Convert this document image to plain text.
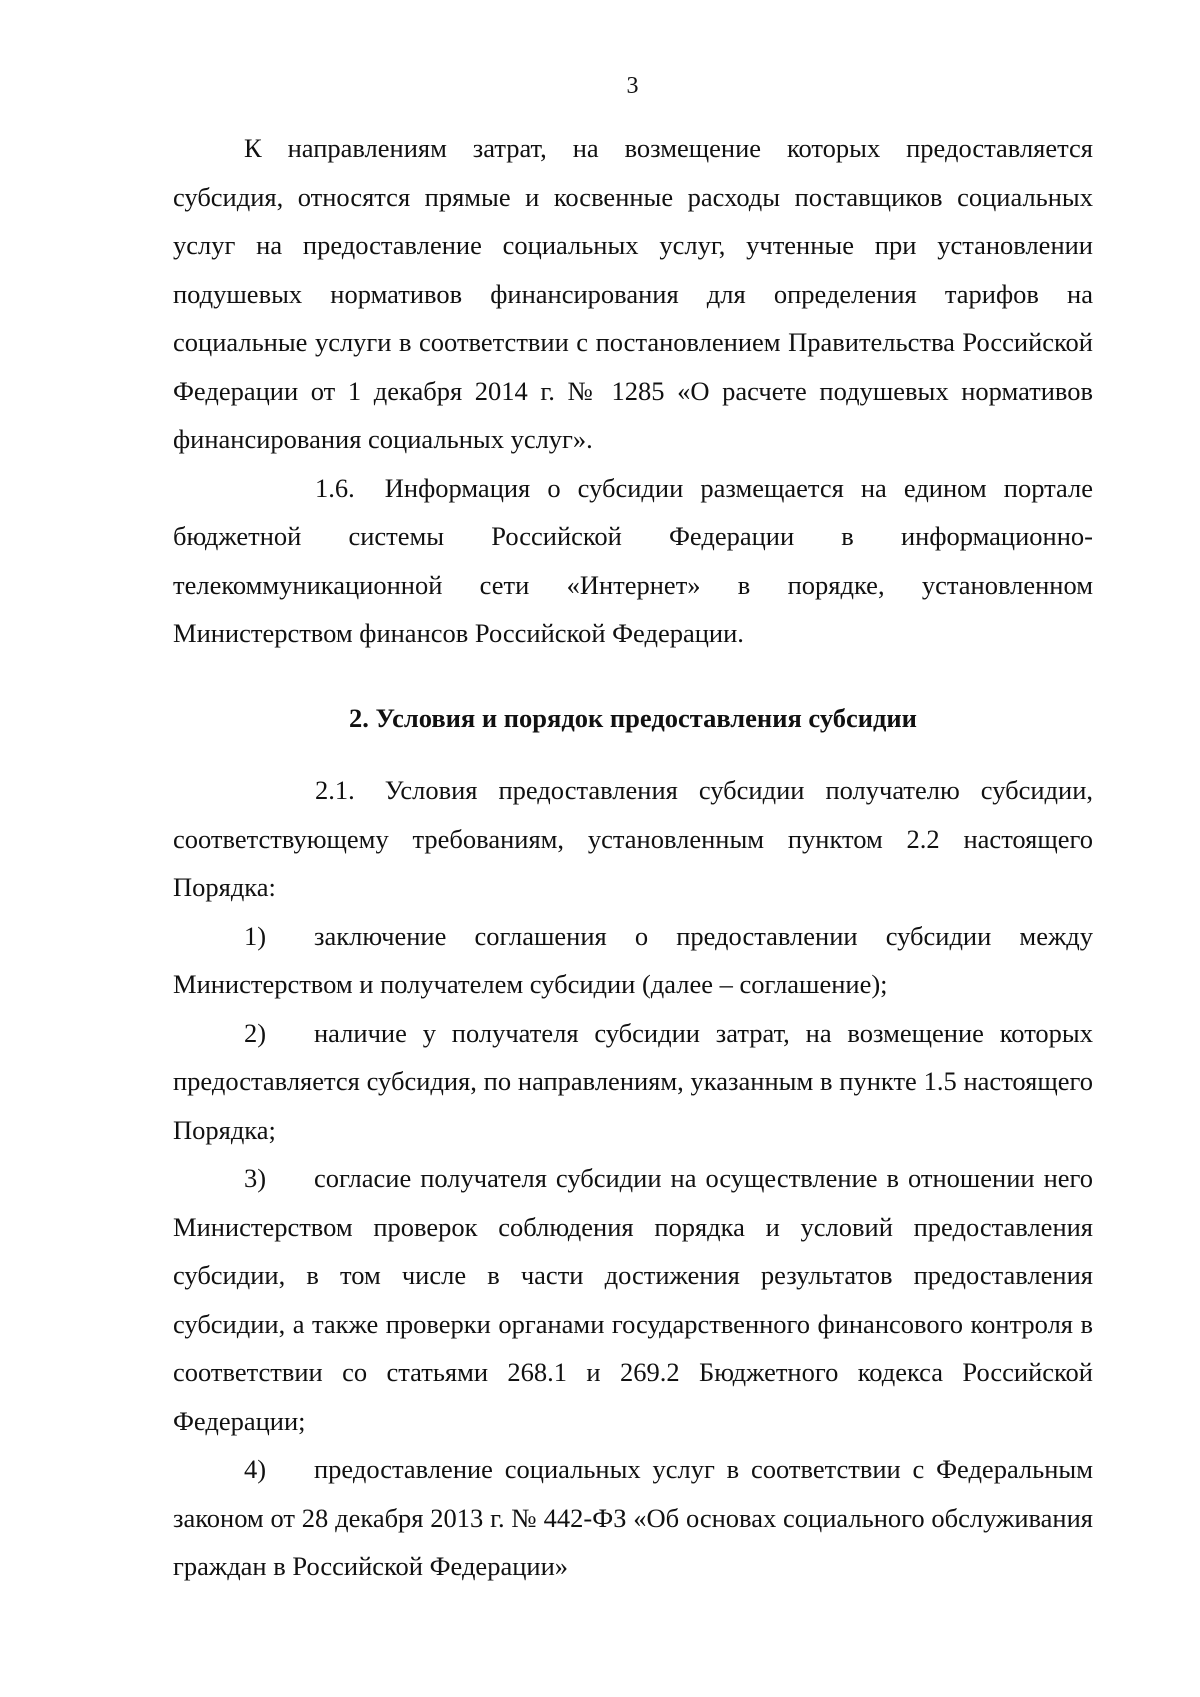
3

К направлениям затрат, на возмещение которых предоставляется субсидия, относятся прямые и косвенные расходы поставщиков социальных услуг на предоставление социальных услуг, учтенные при установлении подушевых нормативов финансирования для определения тарифов на социальные услуги в соответствии с постановлением Правительства Российской Федерации от 1 декабря 2014 г. № 1285 «О расчете подушевых нормативов финансирования социальных услуг».

1.6. Информация о субсидии размещается на едином портале бюджетной системы Российской Федерации в информационно-телекоммуникационной сети «Интернет» в порядке, установленном Министерством финансов Российской Федерации.

2. Условия и порядок предоставления субсидии

2.1. Условия предоставления субсидии получателю субсидии, соответствующему требованиям, установленным пунктом 2.2 настоящего Порядка:

1) заключение соглашения о предоставлении субсидии между Министерством и получателем субсидии (далее – соглашение);

2) наличие у получателя субсидии затрат, на возмещение которых предоставляется субсидия, по направлениям, указанным в пункте 1.5 настоящего Порядка;

3) согласие получателя субсидии на осуществление в отношении него Министерством проверок соблюдения порядка и условий предоставления субсидии, в том числе в части достижения результатов предоставления субсидии, а также проверки органами государственного финансового контроля в соответствии со статьями 268.1 и 269.2 Бюджетного кодекса Российской Федерации;

4) предоставление социальных услуг в соответствии с Федеральным законом от 28 декабря 2013 г. № 442-ФЗ «Об основах социального обслуживания граждан в Российской Федерации»
